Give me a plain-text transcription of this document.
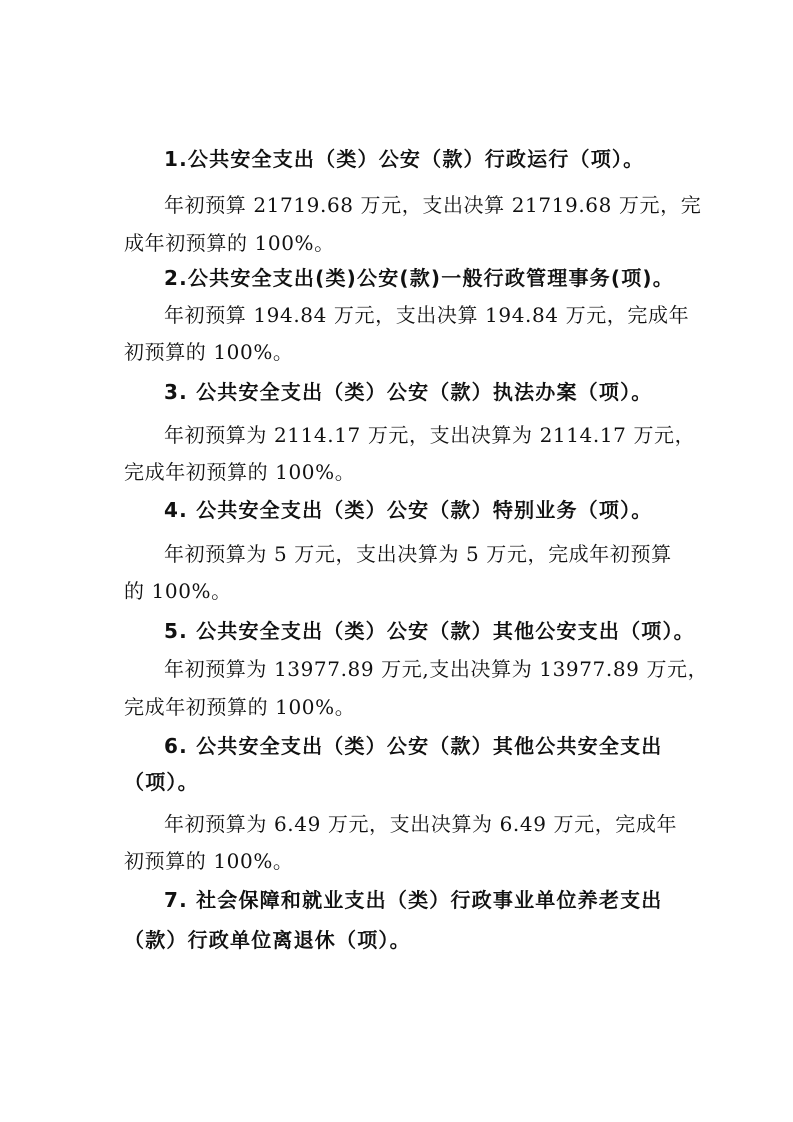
1.公共安全支出（类）公安（款）行政运行（项）。
年初预算 21719.68 万元，支出决算 21719.68 万元，完
成年初预算的 100%。
2.公共安全支出(类)公安(款)一般行政管理事务(项)。
年初预算 194.84 万元，支出决算 194.84 万元，完成年
初预算的 100%。
3. 公共安全支出（类）公安（款）执法办案（项）。
年初预算为 2114.17 万元，支出决算为 2114.17 万元，
完成年初预算的 100%。
4. 公共安全支出（类）公安（款）特别业务（项）。
年初预算为 5 万元，支出决算为 5 万元，完成年初预算
的 100%。
5. 公共安全支出（类）公安（款）其他公安支出（项）。
年初预算为 13977.89 万元,支出决算为 13977.89 万元，
完成年初预算的 100%。
6. 公共安全支出（类）公安（款）其他公共安全支出
（项）。
年初预算为 6.49 万元，支出决算为 6.49 万元，完成年
初预算的 100%。
7. 社会保障和就业支出（类）行政事业单位养老支出
（款）行政单位离退休（项）。
